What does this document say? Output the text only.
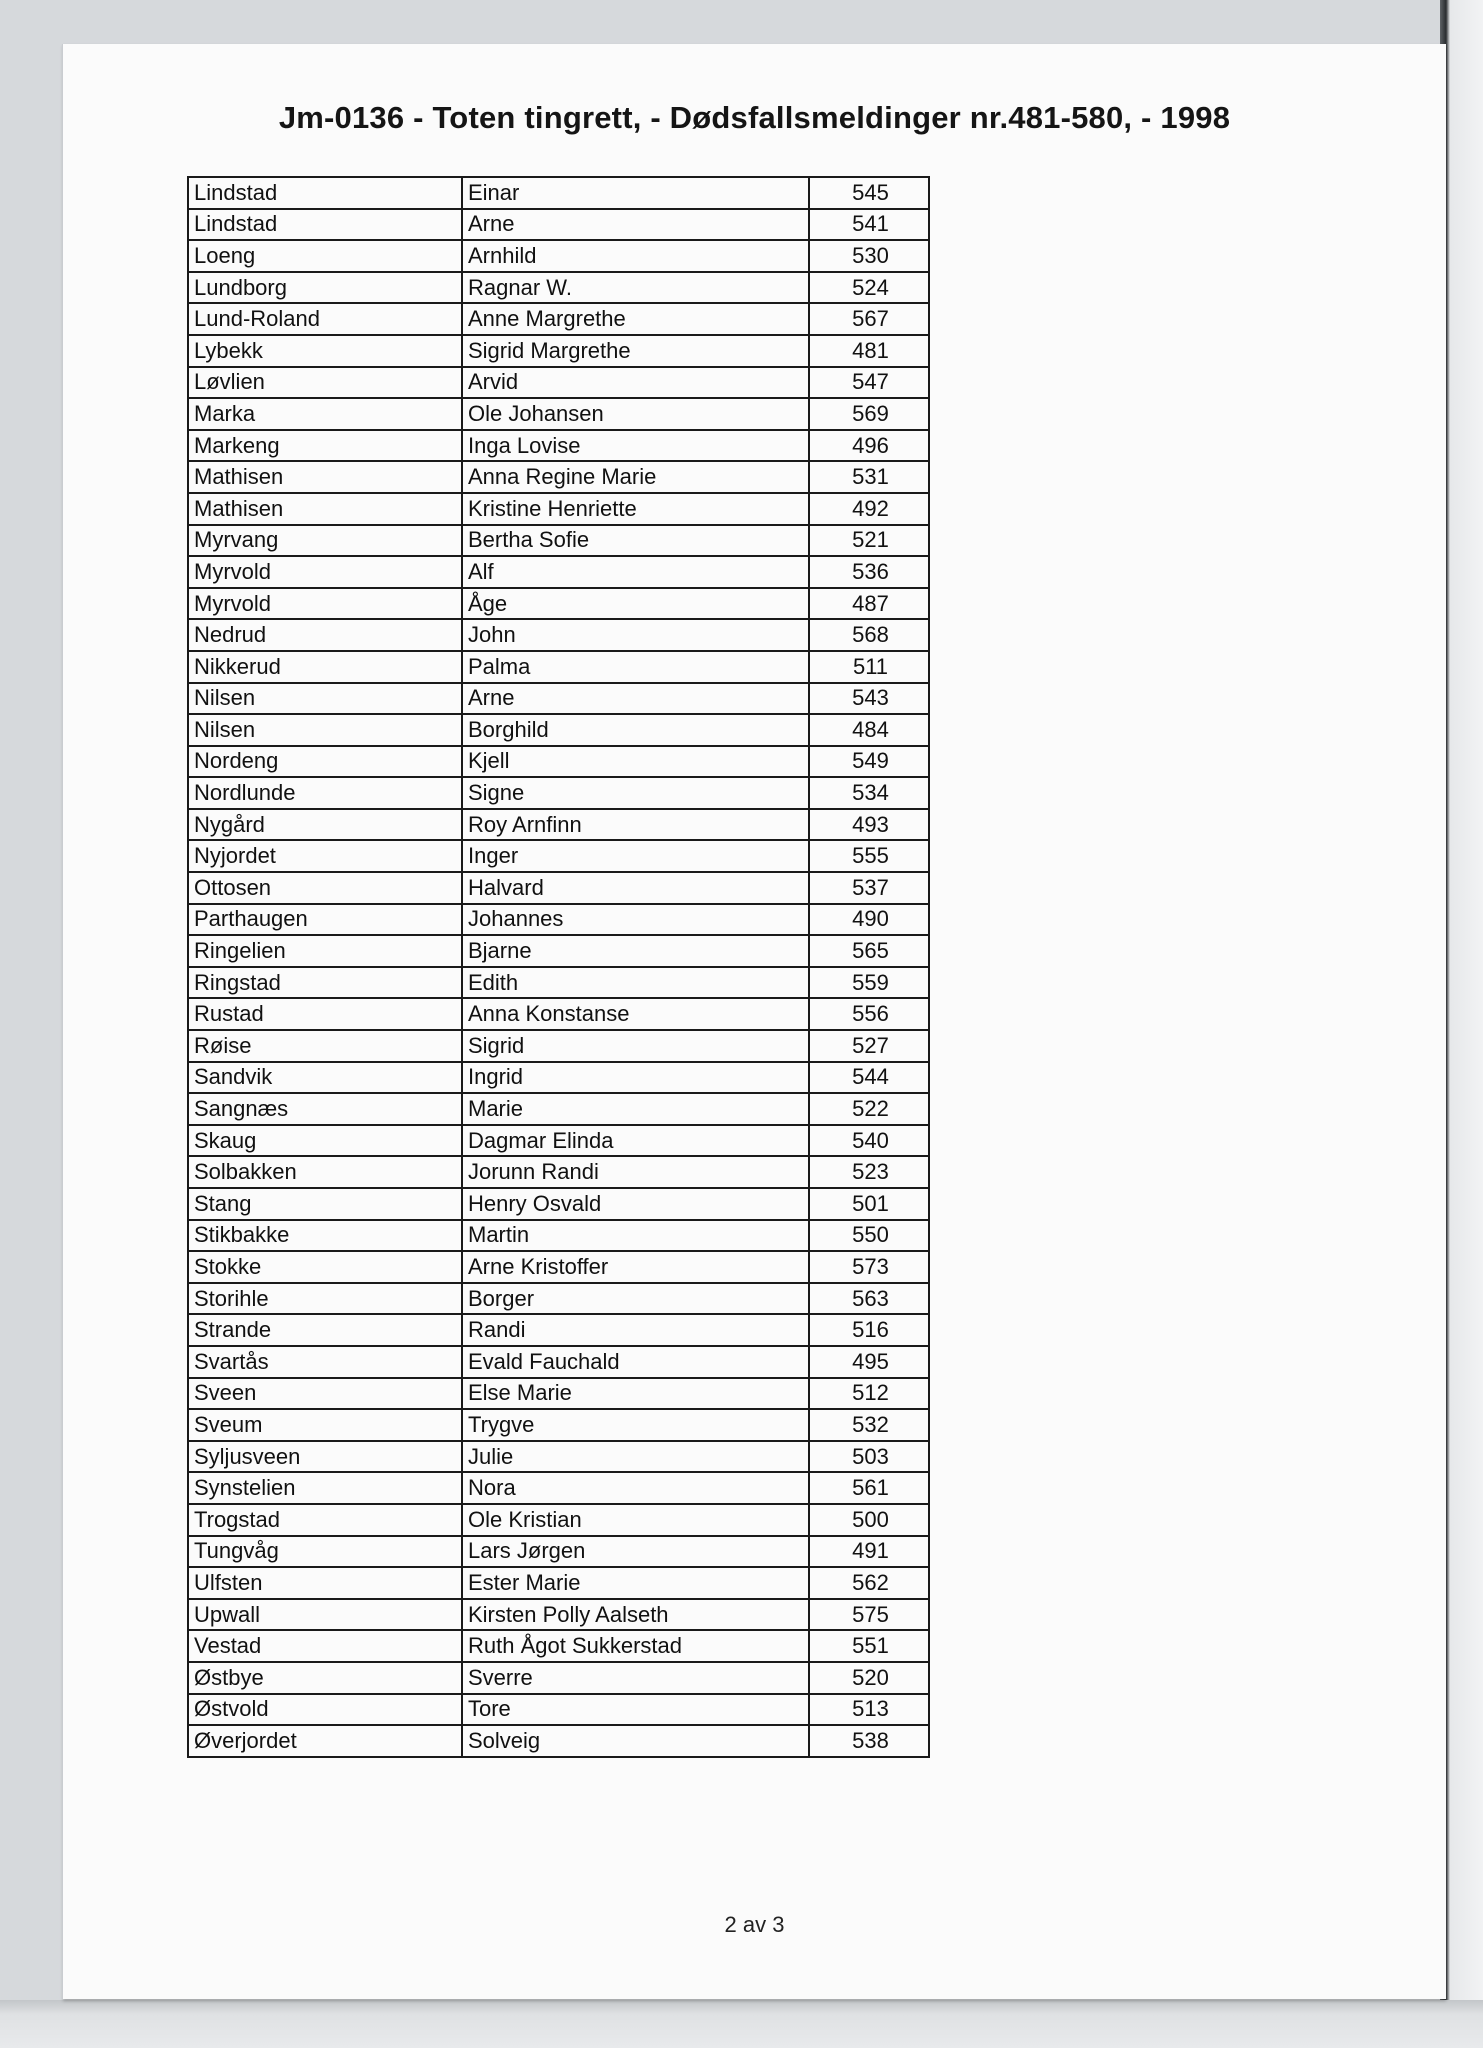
Jm-0136 - Toten tingrett, - Dødsfallsmeldinger nr.481-580, - 1998
Lindstad	Einar	545
Lindstad	Arne	541
Loeng	Arnhild	530
Lundborg	Ragnar W.	524
Lund-Roland	Anne Margrethe	567
Lybekk	Sigrid Margrethe	481
Løvlien	Arvid	547
Marka	Ole Johansen	569
Markeng	Inga Lovise	496
Mathisen	Anna Regine Marie	531
Mathisen	Kristine Henriette	492
Myrvang	Bertha Sofie	521
Myrvold	Alf	536
Myrvold	Åge	487
Nedrud	John	568
Nikkerud	Palma	511
Nilsen	Arne	543
Nilsen	Borghild	484
Nordeng	Kjell	549
Nordlunde	Signe	534
Nygård	Roy Arnfinn	493
Nyjordet	Inger	555
Ottosen	Halvard	537
Parthaugen	Johannes	490
Ringelien	Bjarne	565
Ringstad	Edith	559
Rustad	Anna Konstanse	556
Røise	Sigrid	527
Sandvik	Ingrid	544
Sangnæs	Marie	522
Skaug	Dagmar Elinda	540
Solbakken	Jorunn Randi	523
Stang	Henry Osvald	501
Stikbakke	Martin	550
Stokke	Arne Kristoffer	573
Storihle	Borger	563
Strande	Randi	516
Svartås	Evald Fauchald	495
Sveen	Else Marie	512
Sveum	Trygve	532
Syljusveen	Julie	503
Synstelien	Nora	561
Trogstad	Ole Kristian	500
Tungvåg	Lars Jørgen	491
Ulfsten	Ester Marie	562
Upwall	Kirsten Polly Aalseth	575
Vestad	Ruth Ågot Sukkerstad	551
Østbye	Sverre	520
Østvold	Tore	513
Øverjordet	Solveig	538
2 av 3
